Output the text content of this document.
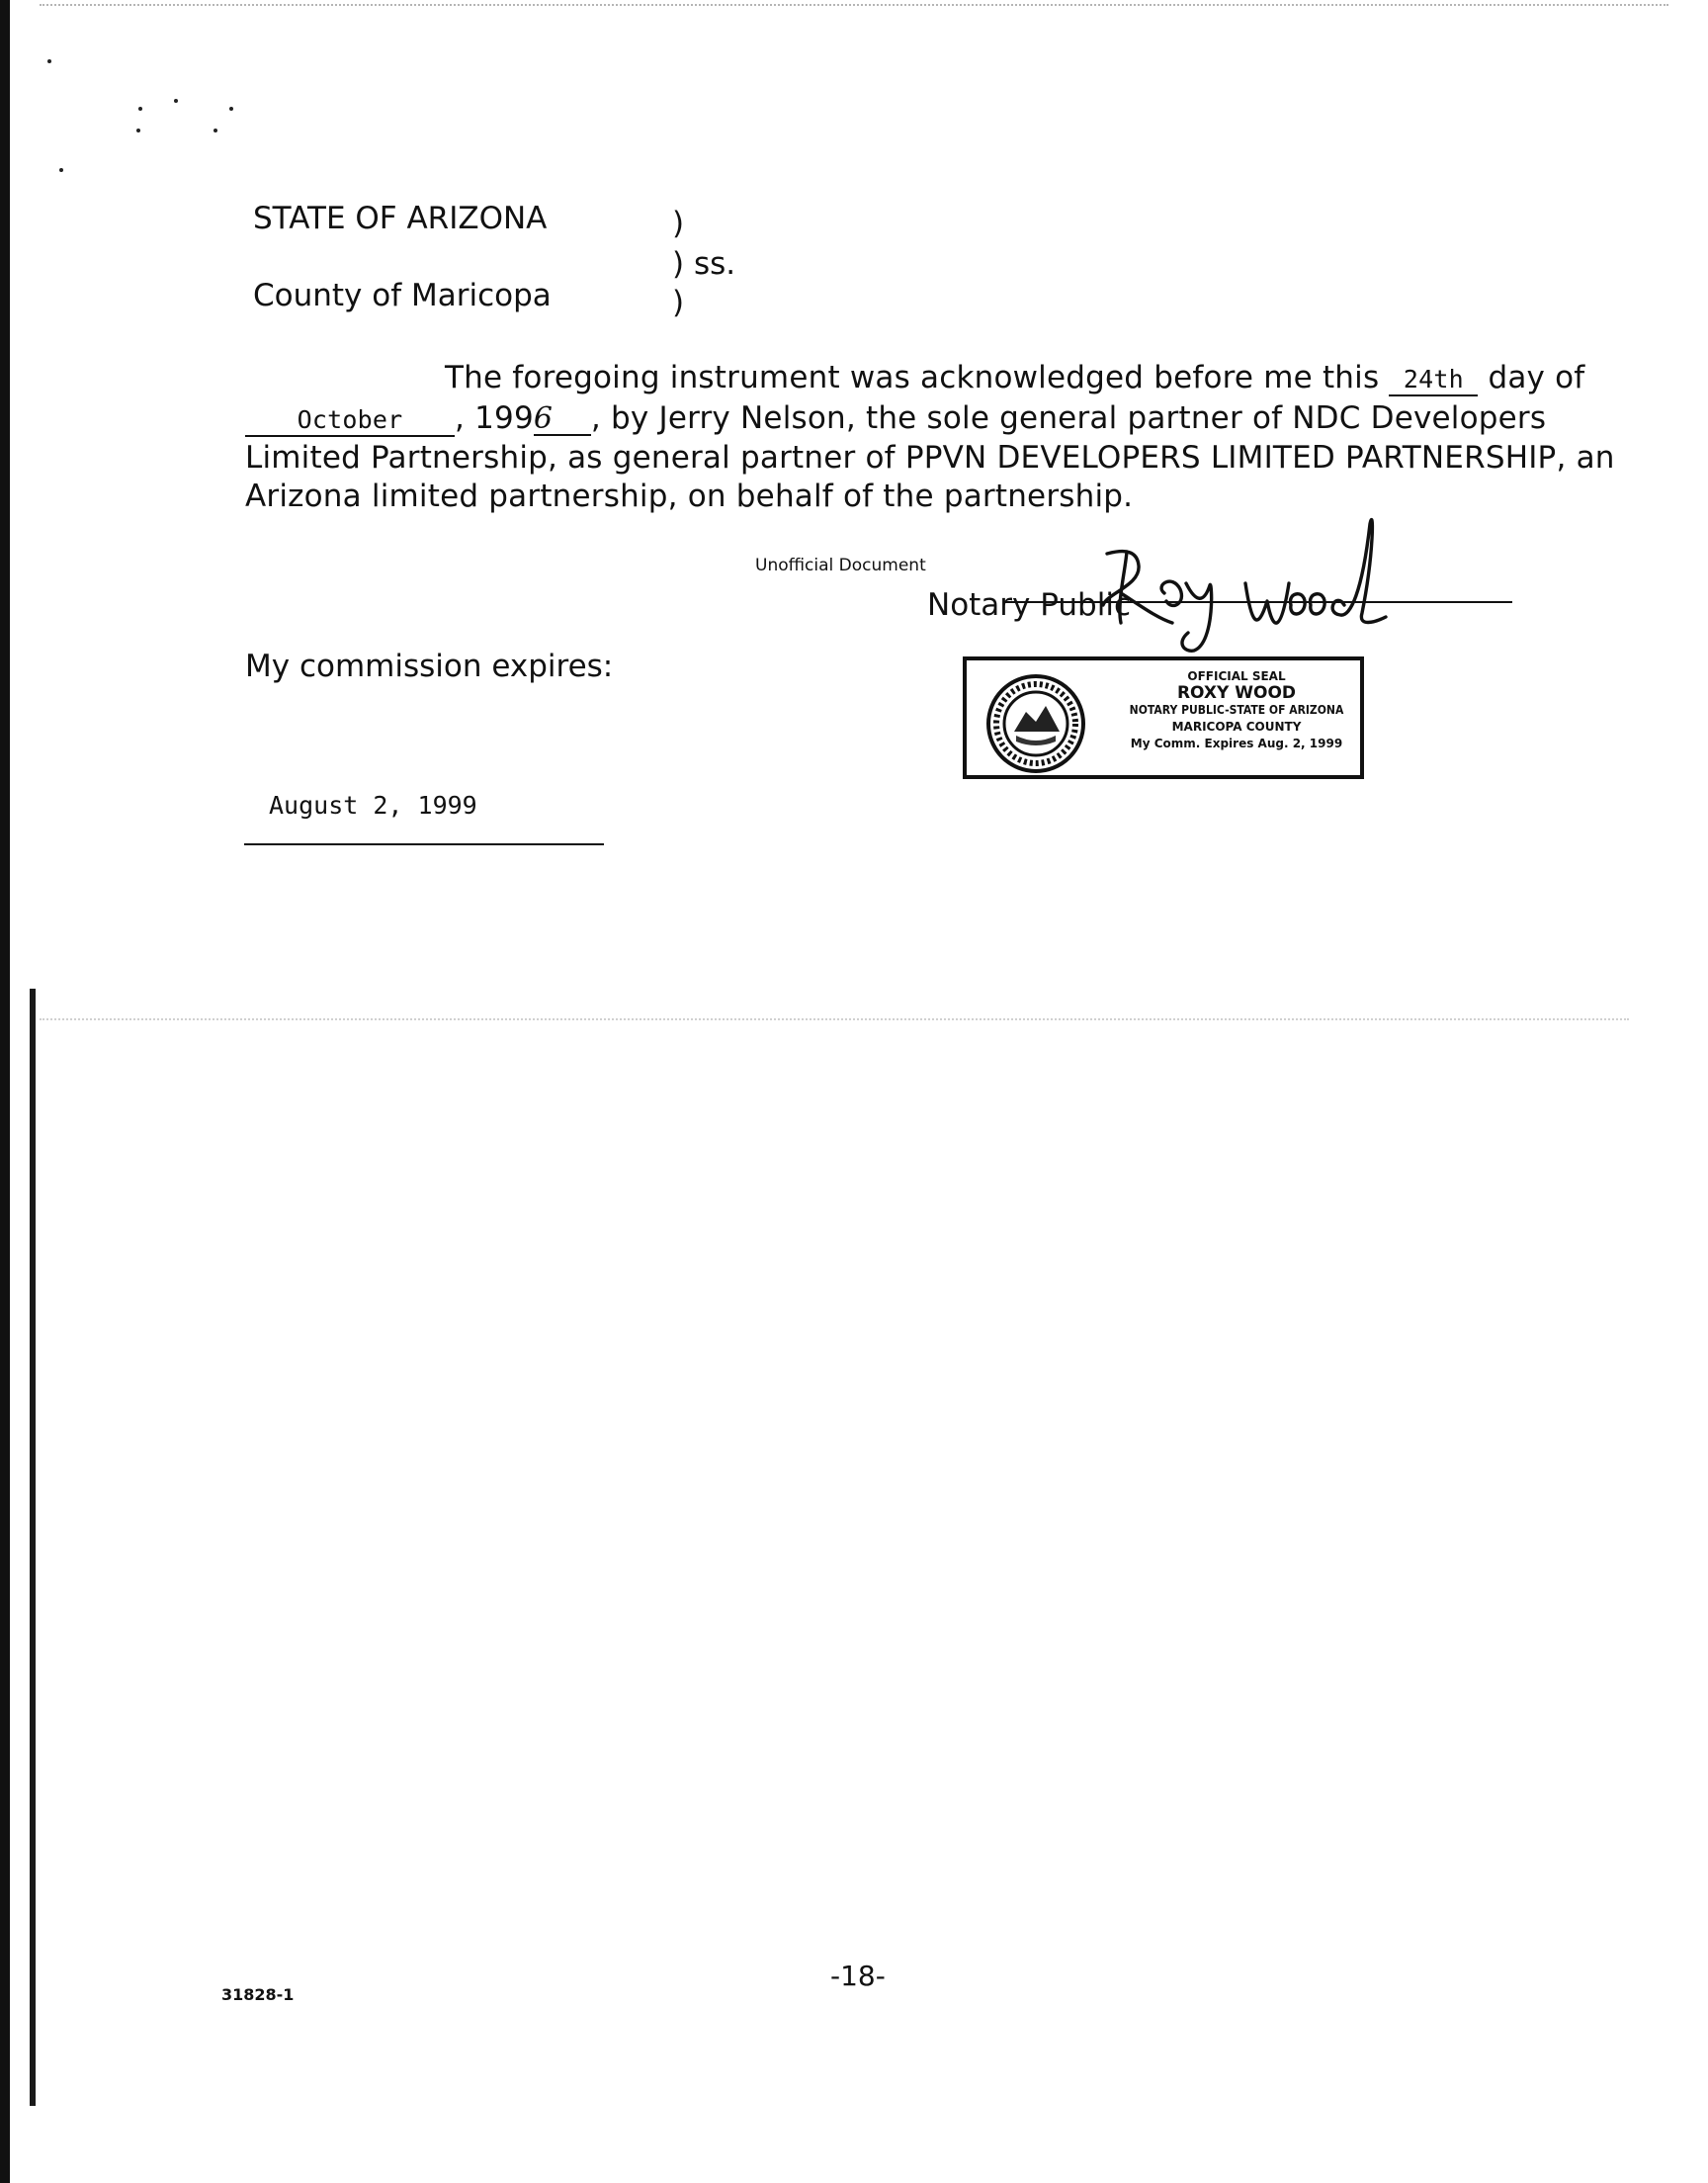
STATE OF ARIZONA
County of Maricopa
)
) ss.
)
The foregoing instrument was acknowledged before me this 24th day of
October , 1996 , by Jerry Nelson, the sole general partner of NDC Developers
Limited Partnership, as general partner of PPVN DEVELOPERS LIMITED PARTNERSHIP, an
Arizona limited partnership, on behalf of the partnership.
Unofficial Document
Notary Public
OFFICIAL SEAL
ROXY WOOD
NOTARY PUBLIC-STATE OF ARIZONA
MARICOPA COUNTY
My Comm. Expires Aug. 2, 1999
My commission expires:
August 2, 1999
-18-
31828-1
